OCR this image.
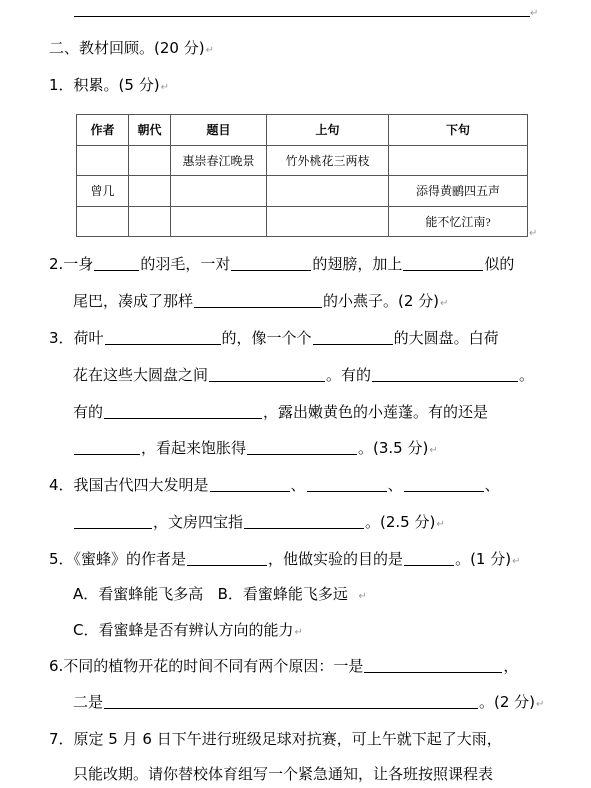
↵
二、教材回顾。(20 分)↵
1．积累。(5 分)↵
作者	朝代	题目	上句	下句
		惠崇春江晚景	竹外桃花三两枝	
曾几				添得黄鹂四五声
				能不忆江南?
↵
2.一身	的羽毛，一对	的翅膀，加上	似的
尾巴，凑成了那样	的小燕子。(2 分)↵
3．荷叶	的，像一个个	的大圆盘。白荷
花在这些大圆盘之间	。有的	。
有的	，露出嫩黄色的小莲蓬。有的还是
，看起来饱胀得	。(3.5 分)↵
4．我国古代四大发明是	、	、	、
，文房四宝指	。(2.5 分)↵
5．《蜜蜂》的作者是	，他做实验的目的是	。(1 分)↵
A．看蜜蜂能飞多高 B．看蜜蜂能飞多远 ↵
C．看蜜蜂是否有辨认方向的能力↵
6.不同的植物开花的时间不同有两个原因：一是	，
二是	。(2 分)↵
7．原定 5 月 6 日下午进行班级足球对抗赛，可上午就下起了大雨，
只能改期。请你替校体育组写一个紧急通知，让各班按照课程表
